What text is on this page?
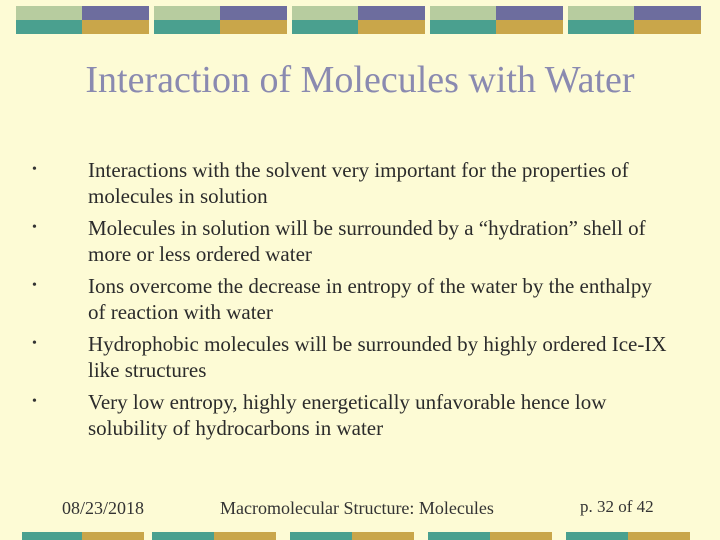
Interaction of Molecules with Water
• Interactions with the solvent very important for the properties of molecules in solution
• Molecules in solution will be surrounded by a “hydration” shell of more or less ordered water
• Ions overcome the decrease in entropy of the water by the enthalpy of reaction with water
• Hydrophobic molecules will be surrounded by highly ordered Ice-IX like structures
• Very low entropy, highly energetically unfavorable hence low solubility of hydrocarbons in water
08/23/2018	Macromolecular Structure: Molecules	p. 32 of 42
